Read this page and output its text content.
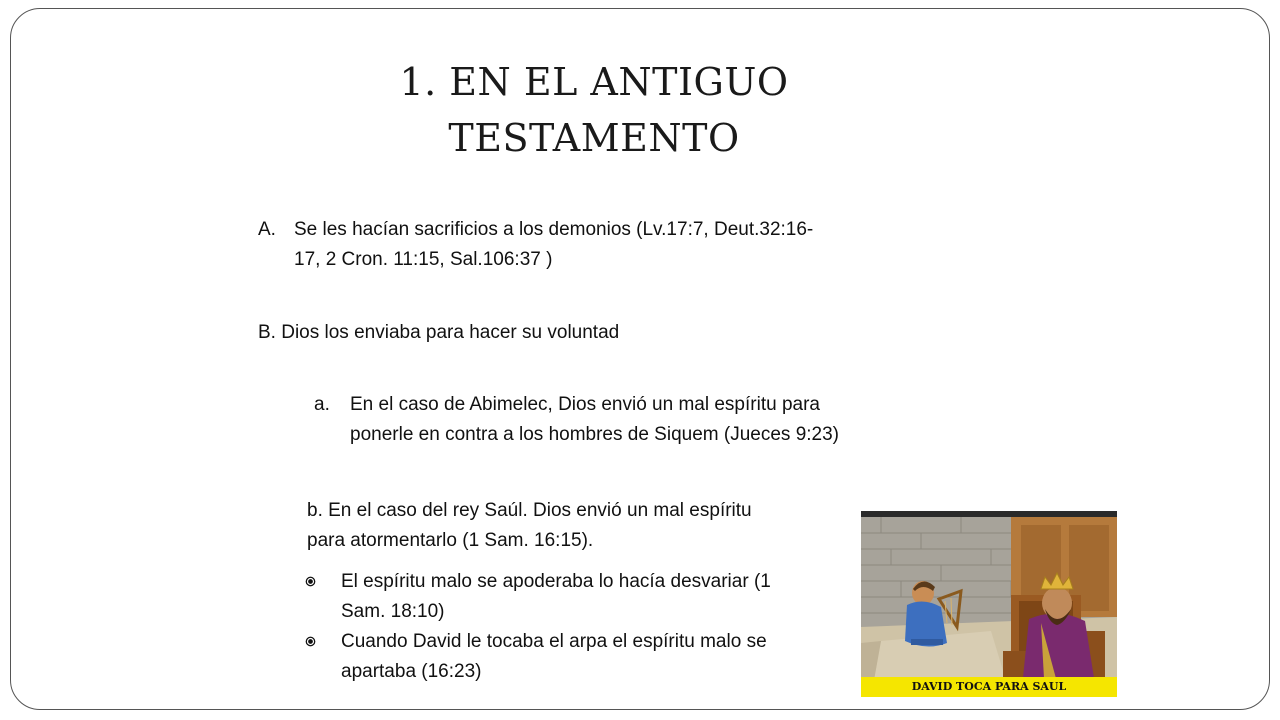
1. EN EL ANTIGUO
TESTAMENTO
A. Se les hacían sacrificios a los demonios (Lv.17:7, Deut.32:16-
17, 2 Cron. 11:15, Sal.106:37 )
B. Dios los enviaba para hacer su voluntad
a. En el caso de Abimelec, Dios envió un mal espíritu para
ponerle en contra a los hombres de Siquem (Jueces 9:23)
b. En el caso del rey Saúl. Dios envió un mal espíritu
para atormentarlo (1 Sam. 16:15).
El espíritu malo se apoderaba lo hacía desvariar (1
Sam. 18:10)
Cuando David le tocaba el arpa el espíritu malo se
apartaba (16:23)
DAVID TOCA PARA SAUL
